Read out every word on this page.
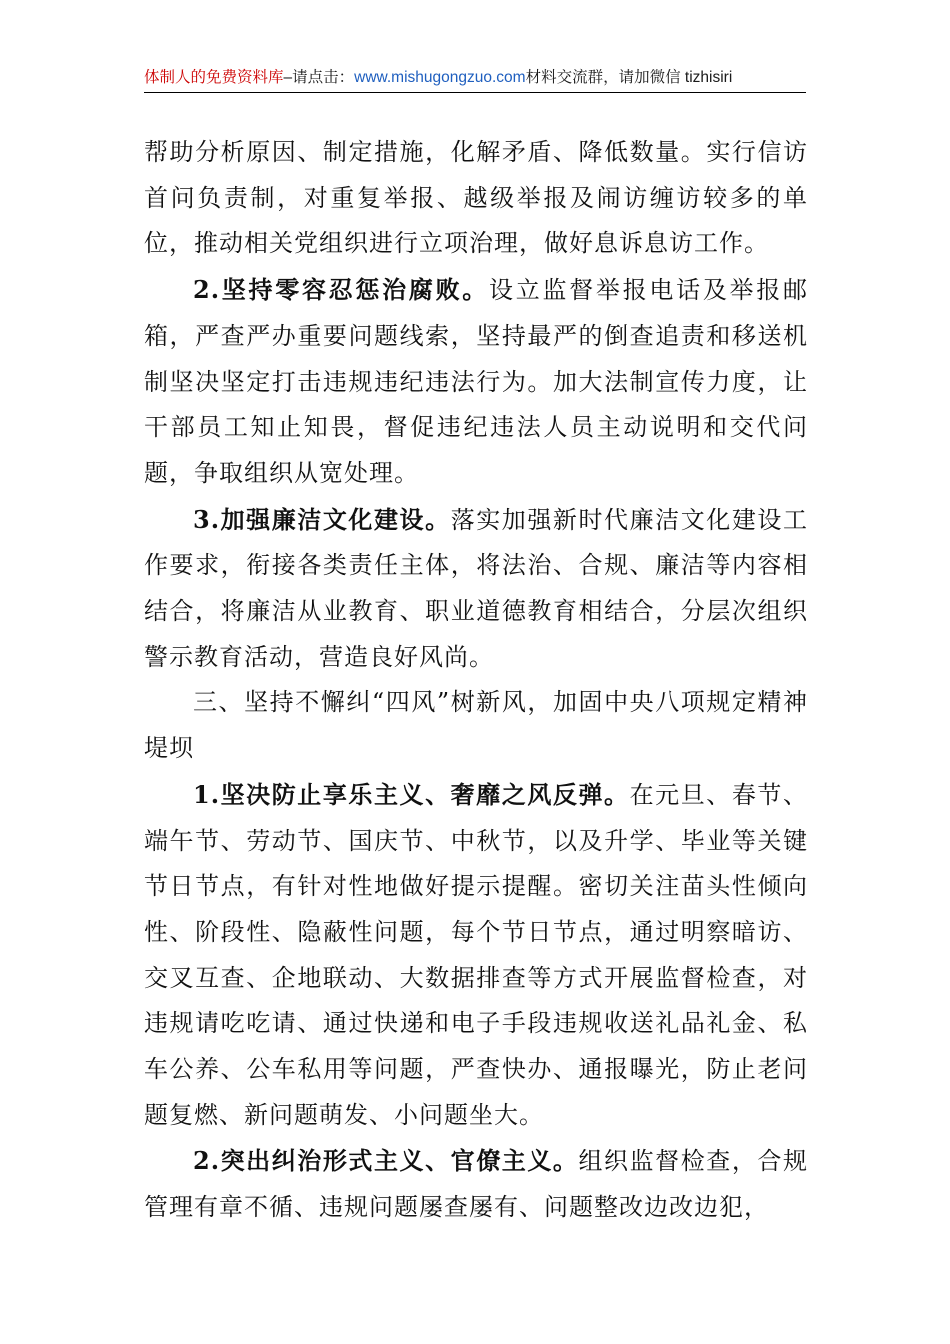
体制人的免费资料库–请点击：www.mishugongzuo.com材料交流群，请加微信 tizhisiri

帮助分析原因、制定措施，化解矛盾、降低数量。实行信访首问负责制，对重复举报、越级举报及闹访缠访较多的单位，推动相关党组织进行立项治理，做好息诉息访工作。

2.坚持零容忍惩治腐败。设立监督举报电话及举报邮箱，严查严办重要问题线索，坚持最严的倒查追责和移送机制坚决坚定打击违规违纪违法行为。加大法制宣传力度，让干部员工知止知畏，督促违纪违法人员主动说明和交代问题，争取组织从宽处理。

3.加强廉洁文化建设。落实加强新时代廉洁文化建设工作要求，衔接各类责任主体，将法治、合规、廉洁等内容相结合，将廉洁从业教育、职业道德教育相结合，分层次组织警示教育活动，营造良好风尚。

三、坚持不懈纠“四风”树新风，加固中央八项规定精神堤坝

1.坚决防止享乐主义、奢靡之风反弹。在元旦、春节、端午节、劳动节、国庆节、中秋节，以及升学、毕业等关键节日节点，有针对性地做好提示提醒。密切关注苗头性倾向性、阶段性、隐蔽性问题，每个节日节点，通过明察暗访、交叉互查、企地联动、大数据排查等方式开展监督检查，对违规请吃吃请、通过快递和电子手段违规收送礼品礼金、私车公养、公车私用等问题，严查快办、通报曝光，防止老问题复燃、新问题萌发、小问题坐大。

2.突出纠治形式主义、官僚主义。组织监督检查，合规管理有章不循、违规问题屡查屡有、问题整改边改边犯，
